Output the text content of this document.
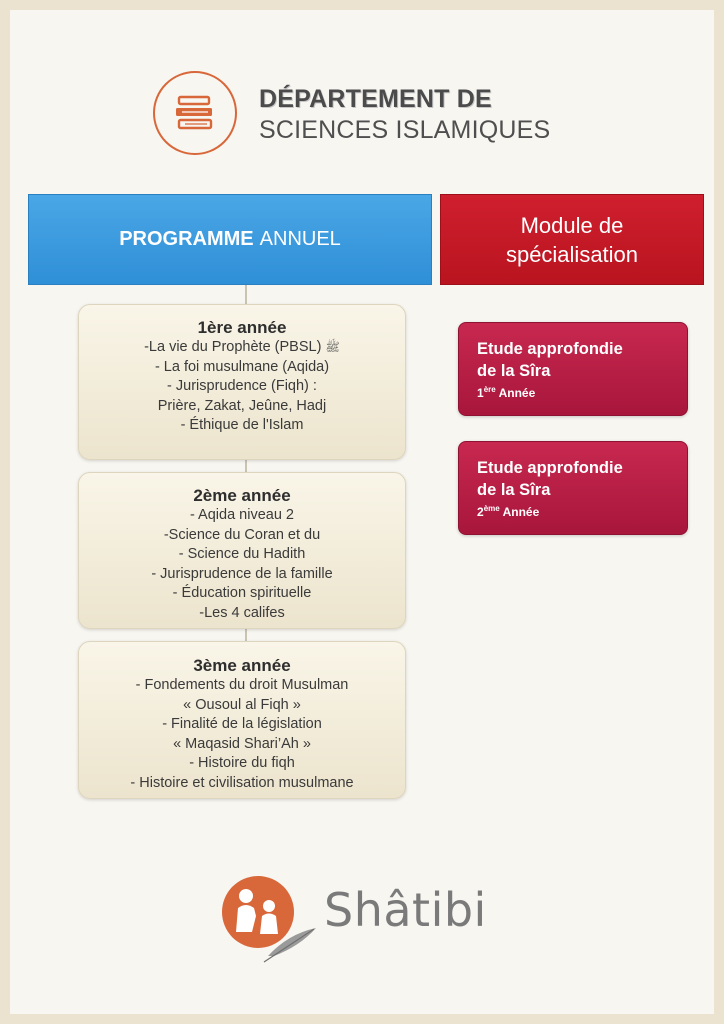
DÉPARTEMENT DE
SCIENCES ISLAMIQUES
PROGRAMME ANNUEL
Module de
spécialisation
1ère année
-La vie du Prophète (PBSL) ﷺ
- La foi musulmane (Aqida)
- Jurisprudence (Fiqh) :
Prière, Zakat, Jeûne, Hadj
- Éthique de l'Islam
2ème année
- Aqida niveau 2
-Science du Coran et du
- Science du Hadith
- Jurisprudence de la famille
- Éducation spirituelle
-Les 4 califes
3ème année
- Fondements du droit Musulman
« Ousoul al Fiqh »
- Finalité de la législation
« Maqasid Shari’Ah »
- Histoire du fiqh
- Histoire et civilisation musulmane
Etude approfondie
de la Sîra
1ère Année
Etude approfondie
de la Sîra
2ème Année
Shâtibi
